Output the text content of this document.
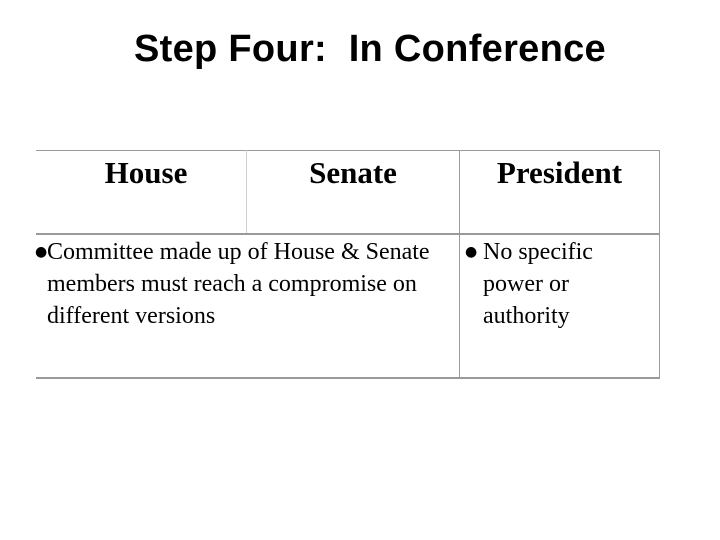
Step Four:  In Conference
House	Senate	President
● Committee made up of House & Senate members must reach a compromise on different versions
● No specific power or authority
